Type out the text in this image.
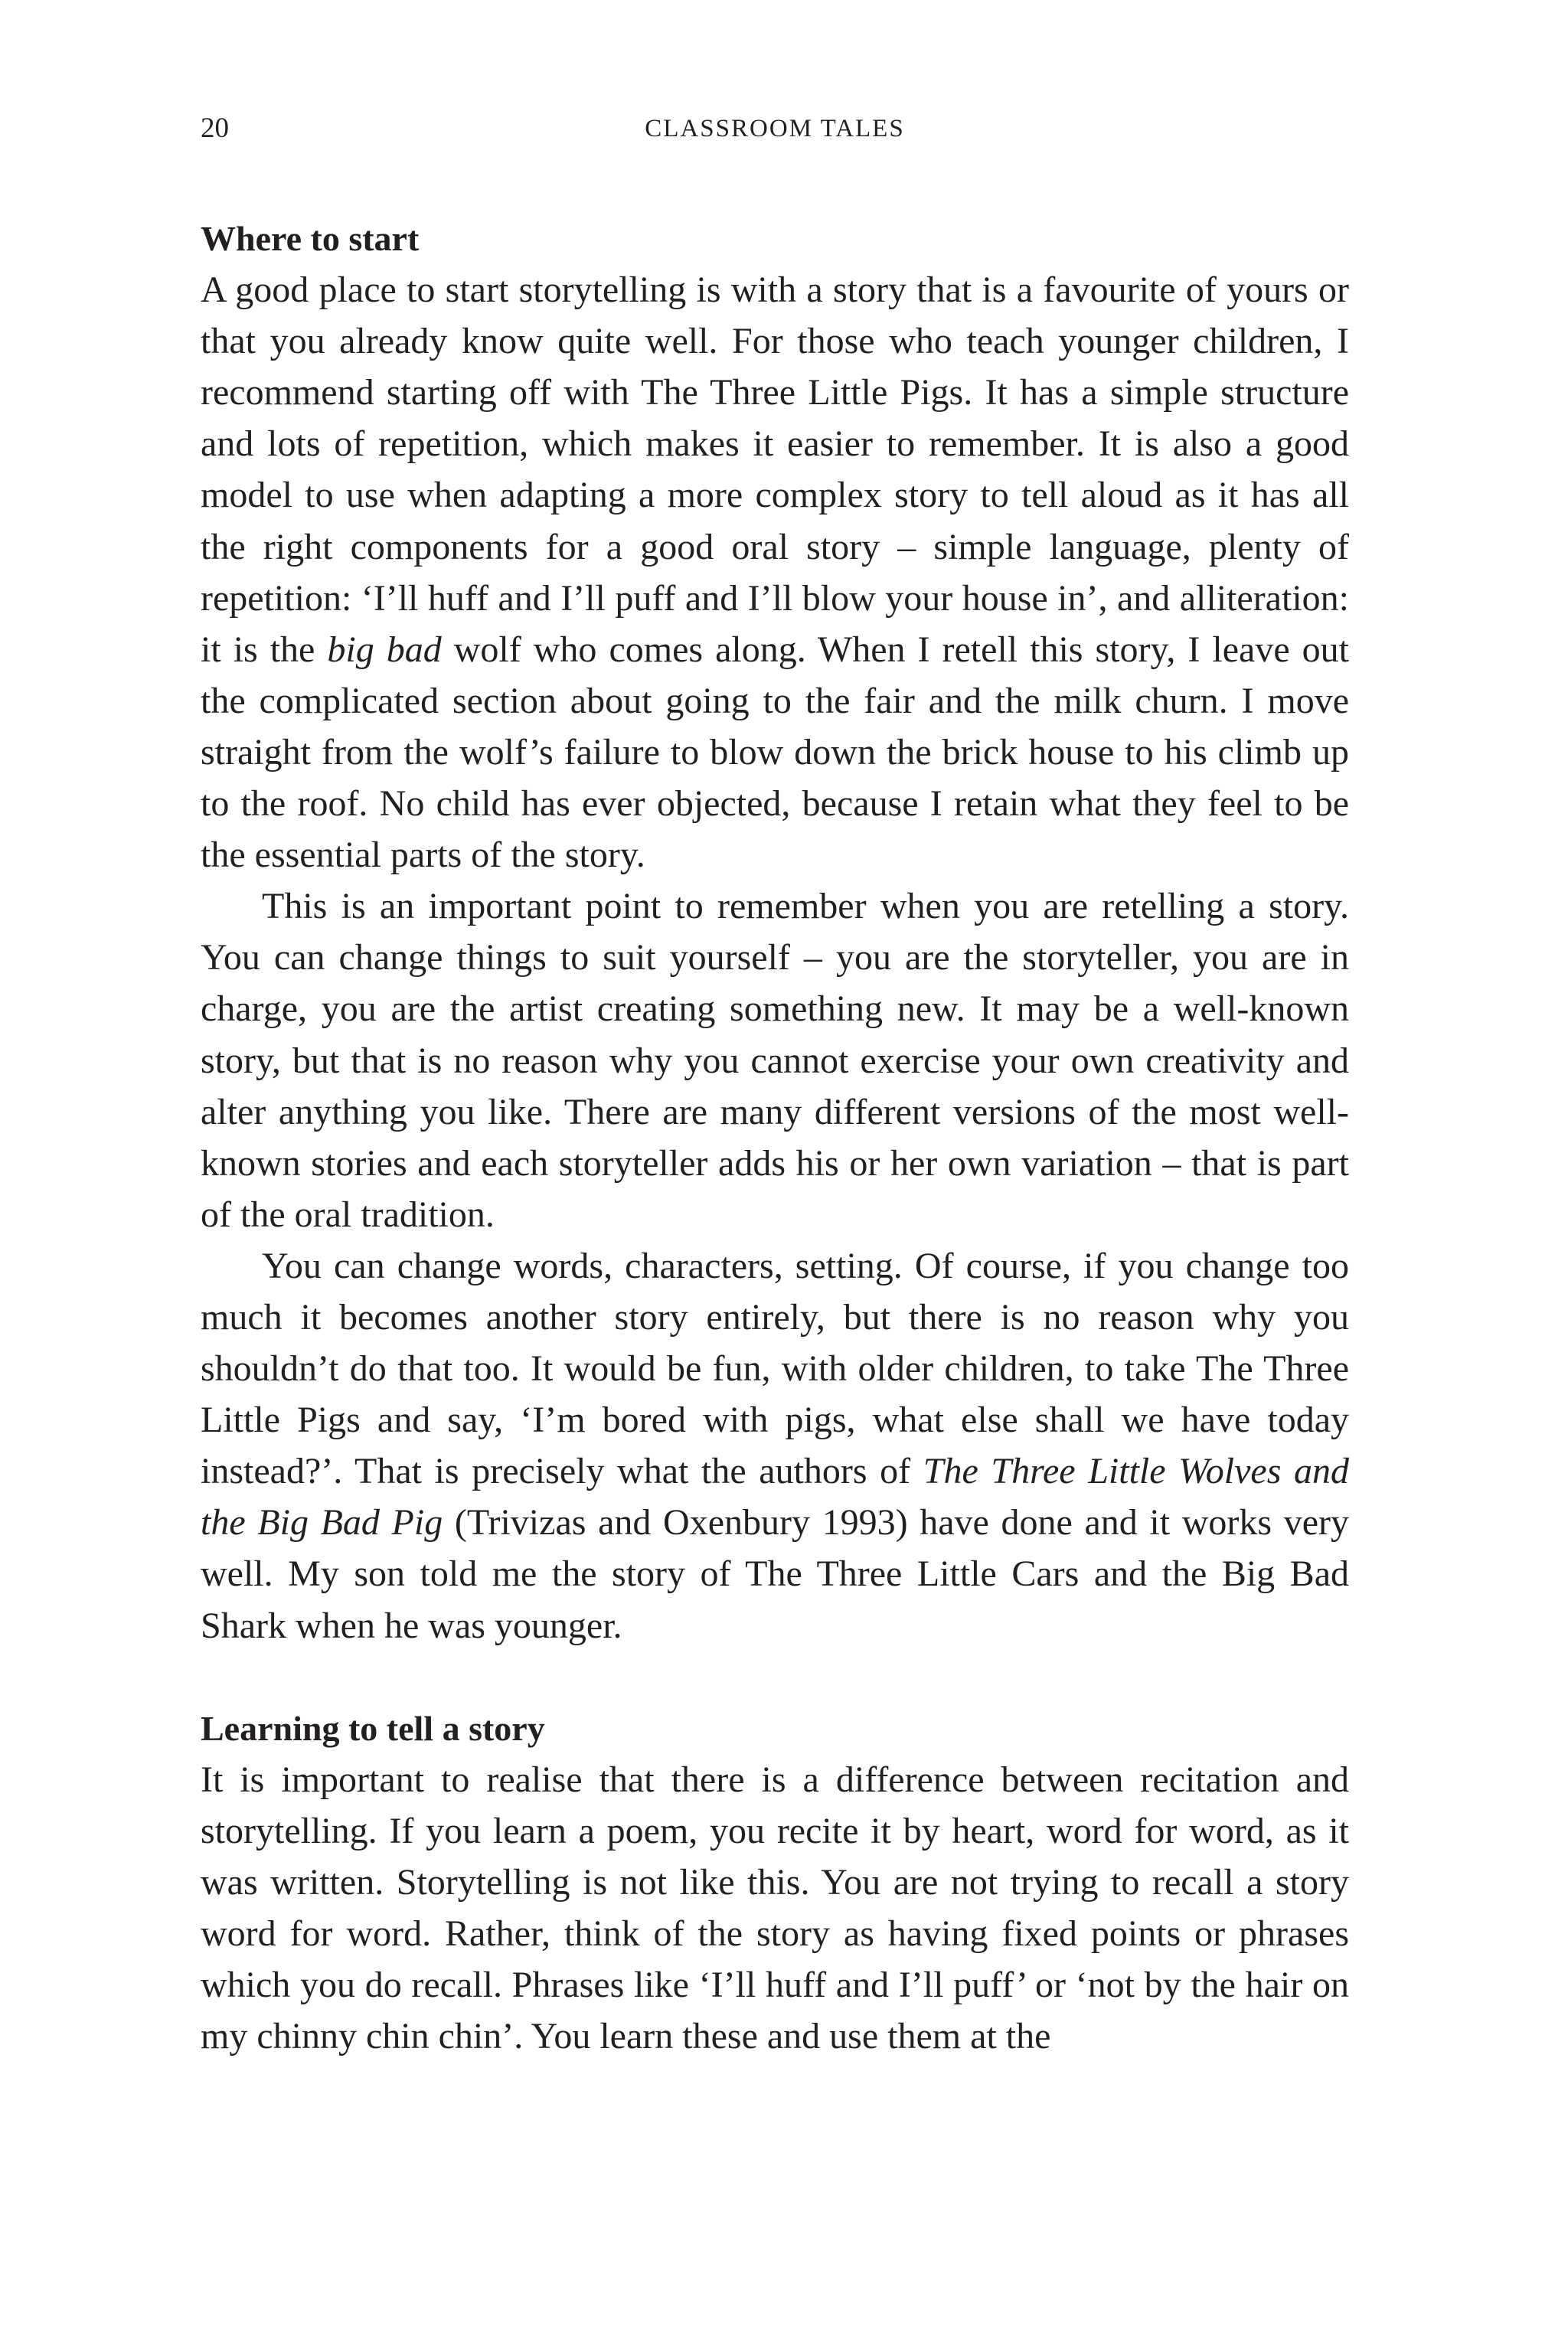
20	CLASSROOM TALES
Where to start

A good place to start storytelling is with a story that is a favourite of yours or that you already know quite well. For those who teach younger children, I recommend starting off with The Three Little Pigs. It has a simple structure and lots of repetition, which makes it easier to remember. It is also a good model to use when adapting a more complex story to tell aloud as it has all the right components for a good oral story – simple language, plenty of repetition: ‘I’ll huff and I’ll puff and I’ll blow your house in’, and alliteration: it is the big bad wolf who comes along. When I retell this story, I leave out the complicated section about going to the fair and the milk churn. I move straight from the wolf’s failure to blow down the brick house to his climb up to the roof. No child has ever objected, because I retain what they feel to be the essential parts of the story.

This is an important point to remember when you are retelling a story. You can change things to suit yourself – you are the storyteller, you are in charge, you are the artist creating something new. It may be a well-known story, but that is no reason why you cannot exercise your own creativity and alter anything you like. There are many different versions of the most well-known stories and each storyteller adds his or her own variation – that is part of the oral tradition.

You can change words, characters, setting. Of course, if you change too much it becomes another story entirely, but there is no reason why you shouldn’t do that too. It would be fun, with older children, to take The Three Little Pigs and say, ‘I’m bored with pigs, what else shall we have today instead?’. That is precisely what the authors of The Three Little Wolves and the Big Bad Pig (Trivizas and Oxenbury 1993) have done and it works very well. My son told me the story of The Three Little Cars and the Big Bad Shark when he was younger.

Learning to tell a story

It is important to realise that there is a difference between recitation and storytelling. If you learn a poem, you recite it by heart, word for word, as it was written. Storytelling is not like this. You are not trying to recall a story word for word. Rather, think of the story as having fixed points or phrases which you do recall. Phrases like ‘I’ll huff and I’ll puff’ or ‘not by the hair on my chinny chin chin’. You learn these and use them at the
